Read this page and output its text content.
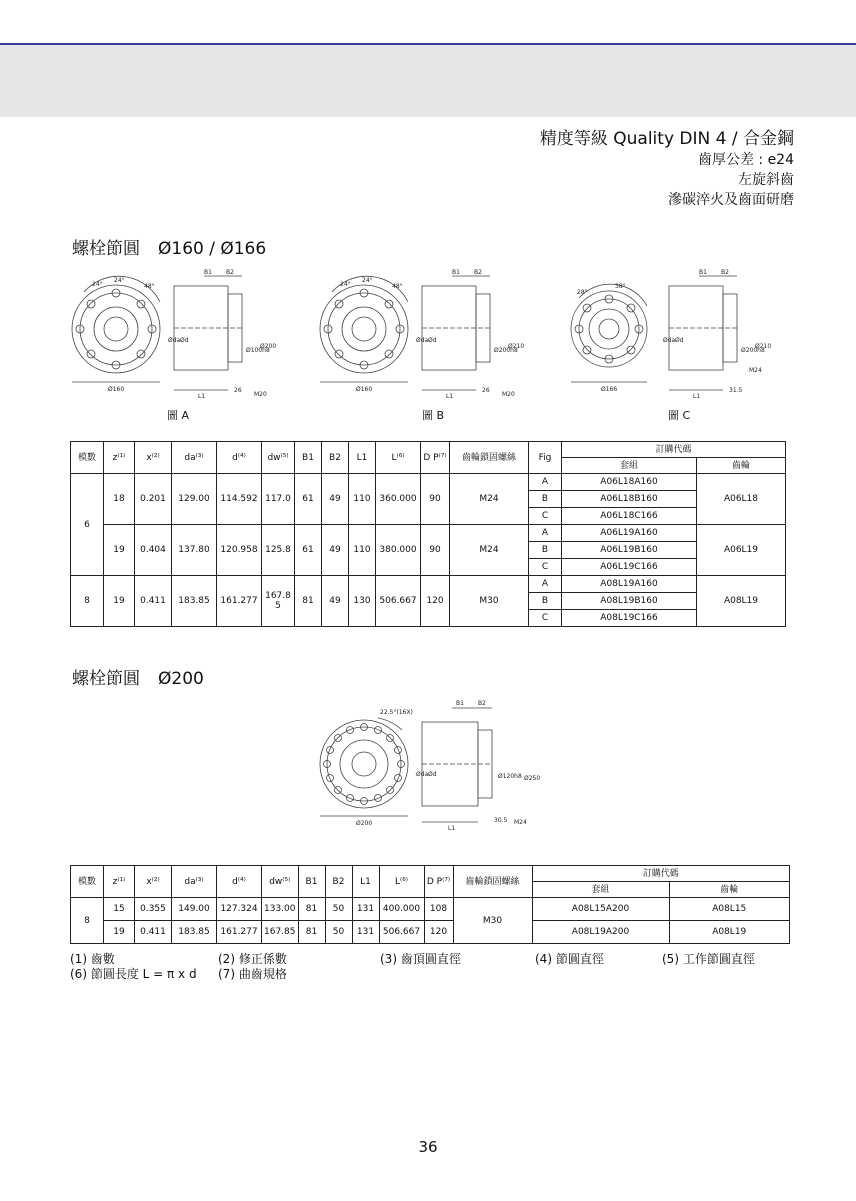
精度等級 Quality DIN 4 / 合金鋼
齒厚公差 : e24
左旋斜齒
滲碳淬火及齒面研磨
螺栓節圓 Ø160 / Ø166
24°
24°
48°
Ø160
B1 B2
L1
26
M20
Øda Ød
Ø100h8
Ø200
圖 A
24°
24°
48°
Ø160
B1 B2
L1
26
M20
Øda Ød
Ø200h8
Ø210
圖 B
28°
38°
Ø166
B1 B2
L1
31.5
M24
Øda Ød
Ø200h8
Ø210
圖 C
模數	z⁽¹⁾	x⁽²⁾	da⁽³⁾	d⁽⁴⁾	dw⁽⁵⁾	B1	B2	L1	L⁽⁶⁾	D P⁽⁷⁾	齒輪鎖固螺絲	Fig	訂購代碼	
													套組	齒輪
6	18	0.201	129.00	114.592	117.0	61	49	110	360.000	90	M24	A	A06L18A160	A06L18
												B	A06L18B160	
												C	A06L18C166	
	19	0.404	137.80	120.958	125.8	61	49	110	380.000	90	M24	A	A06L19A160	A06L19
												B	A06L19B160	
												C	A06L19C166	
8	19	0.411	183.85	161.277	167.85	81	49	130	506.667	120	M30	A	A08L19A160	A08L19
												B	A08L19B160	
												C	A08L19C166	
螺栓節圓 Ø200
22.5°(16X)
Ø200
B1 B2
L1
30.5 M24
Øda Ød	Ø120h8 Ø250
模數	z⁽¹⁾	x⁽²⁾	da⁽³⁾	d⁽⁴⁾	dw⁽⁵⁾	B1	B2	L1	L⁽⁶⁾	D P⁽⁷⁾	齒輪鎖固螺絲	訂購代碼	
												套組	齒輪
8	15	0.355	149.00	127.324	133.00	81	50	131	400.000	108	M30	A08L15A200	A08L15
	19	0.411	183.85	161.277	167.85	81	50	131	506.667	120		A08L19A200	A08L19
(1) 齒數	(2) 修正係數	(3) 齒頂圓直徑	(4) 節圓直徑	(5) 工作節圓直徑
(6) 節圓長度 L = π x d (7) 曲齒規格
36
